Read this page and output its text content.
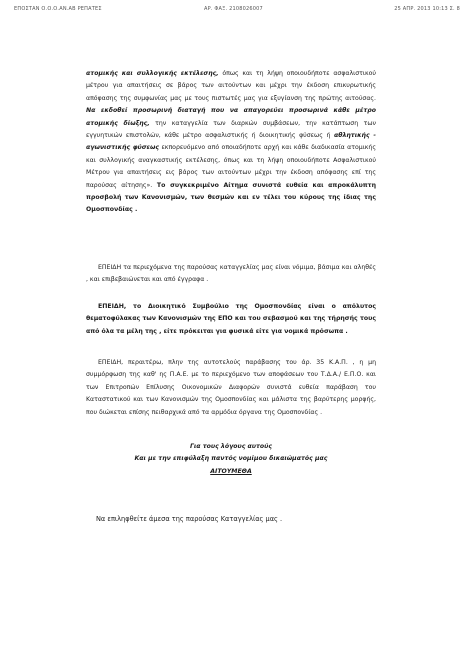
ΕΠΟΣΤΑΝ Ο.Ο.Ο.ΑΝ.ΑΒ ΡΕΠΑΤΕΣ	ΑΡ. ΦΑΞ. 2108026007	25 ΑΠΡ. 2013 10:13 Σ. 8

ατομικής και συλλογικής εκτέλεσης, όπως και τη λήψη οποιουδήποτε ασφαλιστικού μέτρου για απαιτήσεις σε βάρος των αιτούντων και μέχρι την έκδοση επικυρωτικής απόφασης της συμφωνίας μας με τους πιστωτές μας για εξυγίανση της πρώτης αιτούσας. Να εκδοθεί προσωρινή διαταγή που να απαγορεύει προσωρινά κάθε μέτρο ατομικής δίωξης, την καταγγελία των διαρκών συμβάσεων, την κατάπτωση των εγγυητικών επιστολών, κάθε μέτρο ασφαλιστικής ή διοικητικής φύσεως ή αθλητικής - αγωνιστικής φύσεως εκπορευόμενο από οποιαδήποτε αρχή και κάθε διαδικασία ατομικής και συλλογικής αναγκαστικής εκτέλεσης, όπως και τη λήψη οποιουδήποτε Ασφαλιστικού Μέτρου για απαιτήσεις εις βάρος των αιτούντων μέχρι την έκδοση απόφασης επί της παρούσας αίτησης». Το συγκεκριμένο Αίτημα συνιστά ευθεία και απροκάλυπτη προσβολή των Κανονισμών, των θεσμών και εν τέλει του κύρους της ίδιας της Ομοσπονδίας .

ΕΠΕΙΔΗ τα περιεχόμενα της παρούσας καταγγελίας μας είναι νόμιμα, βάσιμα και αληθές , και επιβεβαιώνεται και από έγγραφα .

ΕΠΕΙΔΗ, το Διοικητικό Συμβούλιο της Ομοσπονδίας είναι ο απόλυτος θεματοφύλακας των Κανονισμών της ΕΠΟ και του σεβασμού και της τήρησής τους από όλα τα μέλη της , είτε πρόκειται για φυσικά είτε για νομικά πρόσωπα .

ΕΠΕΙΔΗ, περαιτέρω, πλην της αυτοτελούς παράβασης του άρ. 35 Κ.Α.Π. , η μη συμμόρφωση της καθ' ης Π.Α.Ε. με το περιεχόμενο των αποφάσεων του Τ.Δ.Α./ Ε.Π.Ο. και των Επιτροπών Επίλυσης Οικονομικών Διαφορών συνιστά ευθεία παράβαση του Καταστατικού και των Κανονισμών της Ομοσπονδίας και μάλιστα της βαρύτερης μορφής, που διώκεται επίσης πειθαρχικά από τα αρμόδια όργανα της Ομοσπονδίας .

Για τους λόγους αυτούς
Και με την επιφύλαξη παντός νομίμου δικαιώματός μας
ΑΙΤΟΥΜΕΘΑ
Να επιληφθείτε άμεσα της παρούσας Καταγγελίας μας .
